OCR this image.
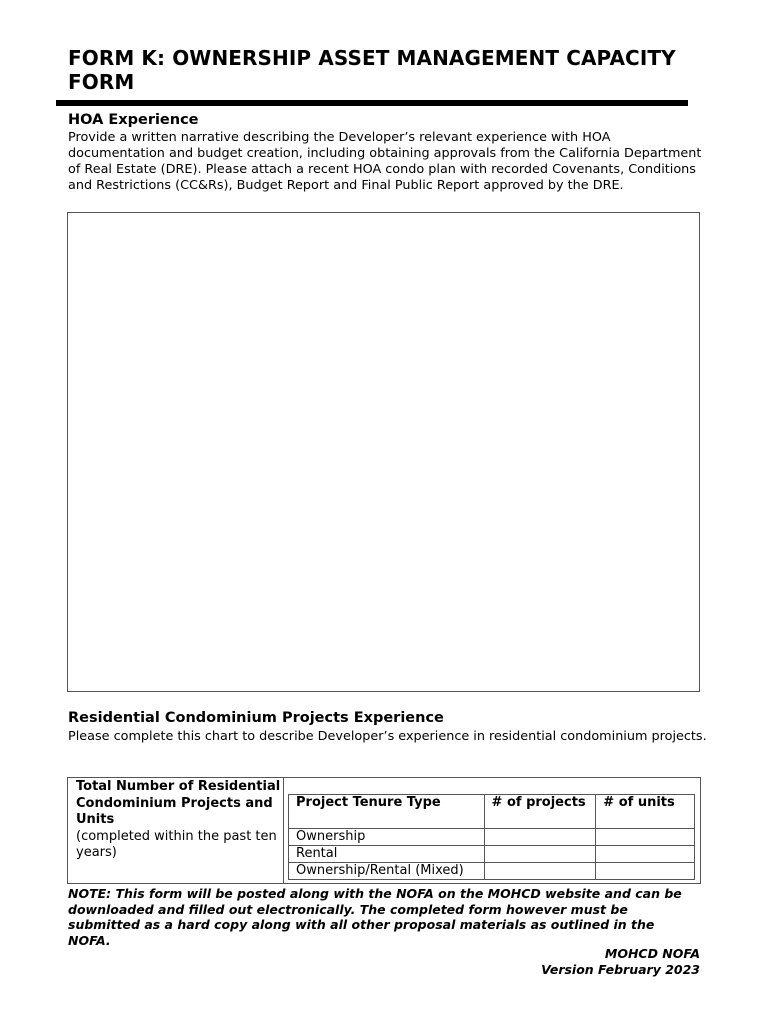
FORM K: OWNERSHIP ASSET MANAGEMENT CAPACITY FORM
HOA Experience
Provide a written narrative describing the Developer’s relevant experience with HOA documentation and budget creation, including obtaining approvals from the California Department of Real Estate (DRE). Please attach a recent HOA condo plan with recorded Covenants, Conditions and Restrictions (CC&Rs), Budget Report and Final Public Report approved by the DRE.
Residential Condominium Projects Experience
Please complete this chart to describe Developer’s experience in residential condominium projects.
Total Number of Residential Condominium Projects and Units
(completed within the past ten years)
Project Tenure Type	# of projects	# of units
Ownership		
Rental		
Ownership/Rental (Mixed)		
NOTE: This form will be posted along with the NOFA on the MOHCD website and can be downloaded and filled out electronically. The completed form however must be submitted as a hard copy along with all other proposal materials as outlined in the NOFA.
MOHCD NOFA
Version February 2023
